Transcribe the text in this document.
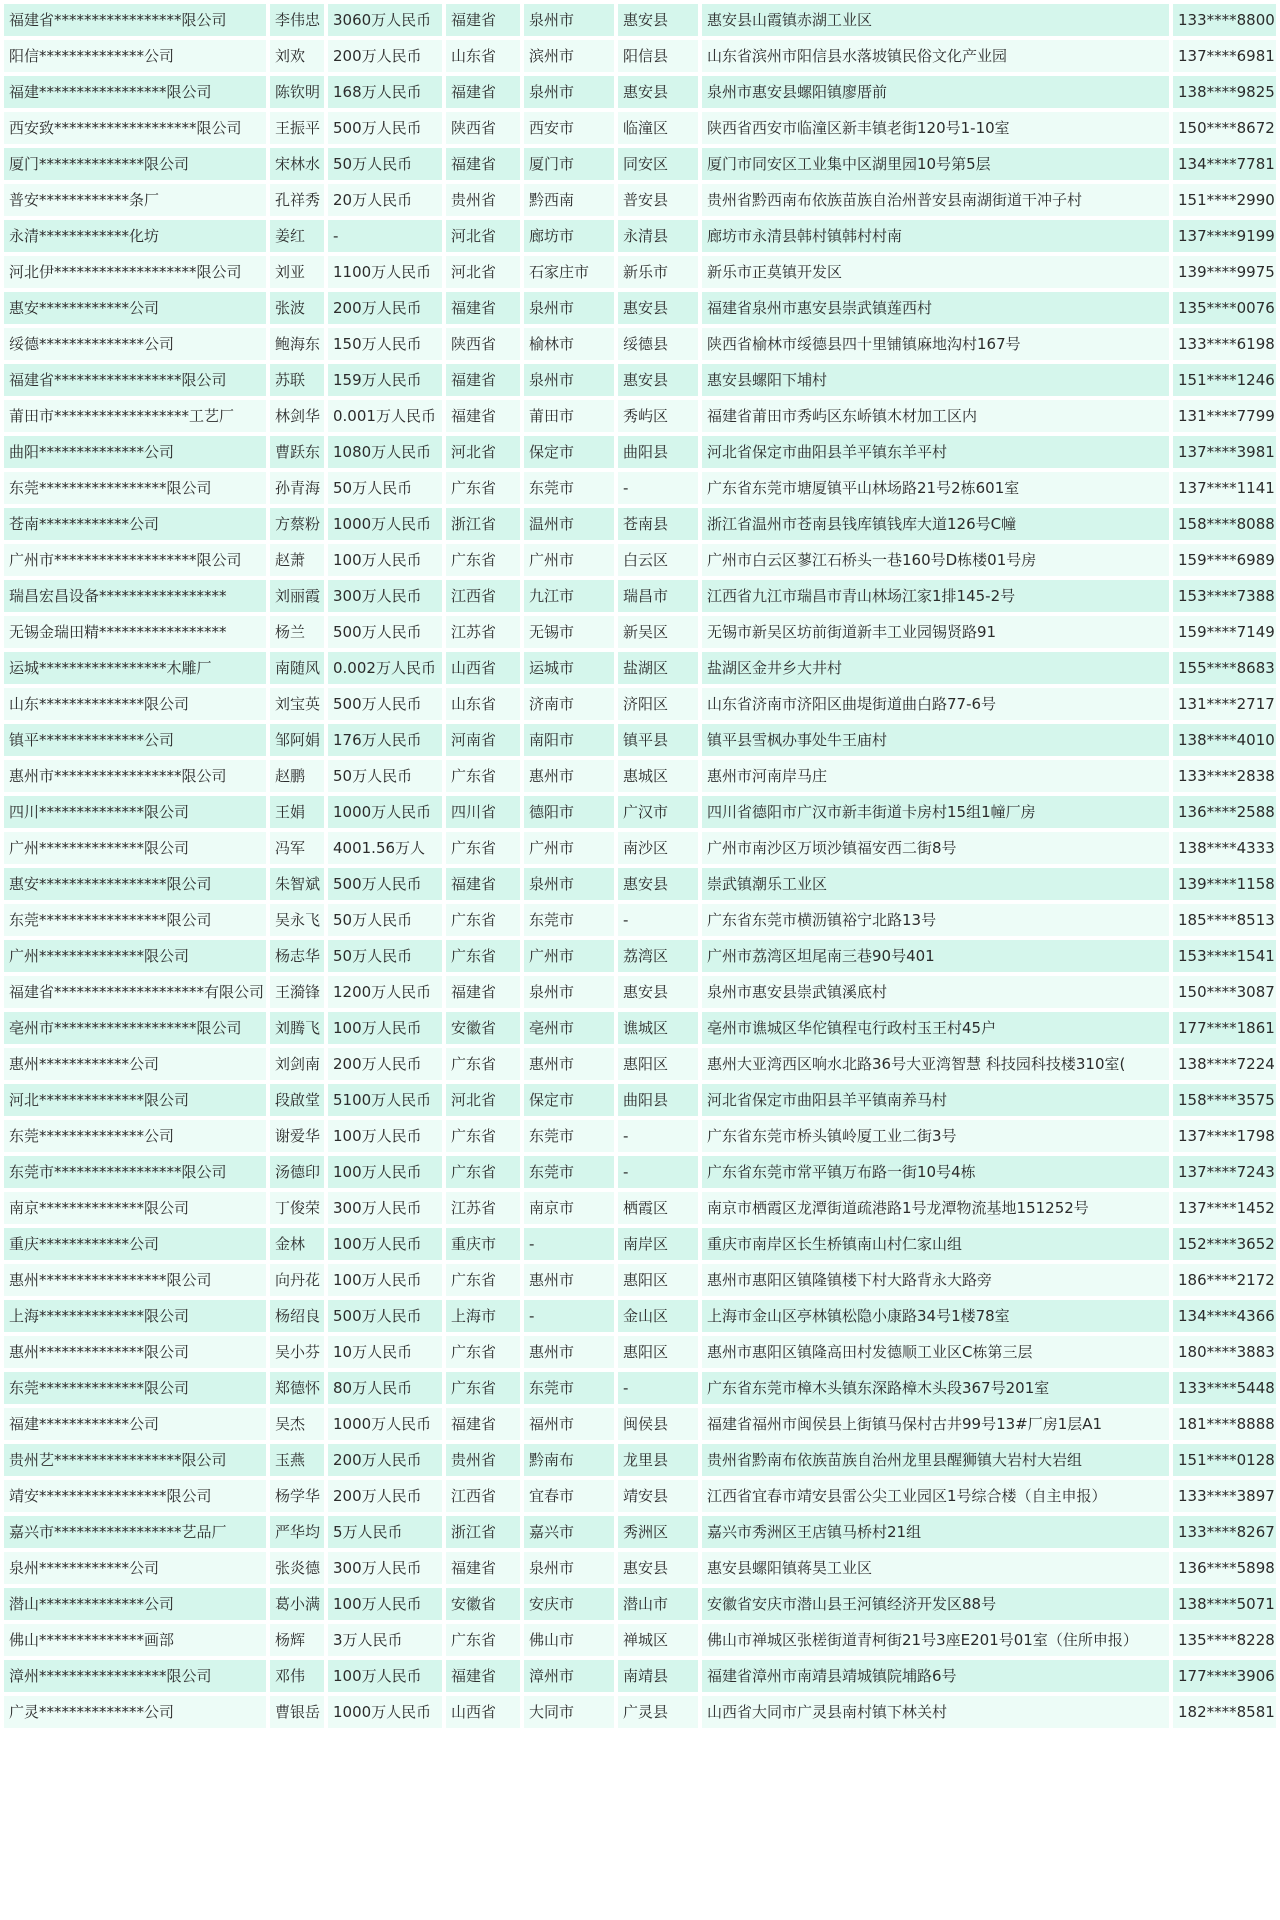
福建省*****************限公司	李伟忠	3060万人民币	福建省	泉州市	惠安县	惠安县山霞镇赤湖工业区	133****8800
阳信**************公司	刘欢	200万人民币	山东省	滨州市	阳信县	山东省滨州市阳信县水落坡镇民俗文化产业园	137****6981
福建*****************限公司	陈钦明	168万人民币	福建省	泉州市	惠安县	泉州市惠安县螺阳镇廖厝前	138****9825
西安致*******************限公司	王振平	500万人民币	陕西省	西安市	临潼区	陕西省西安市临潼区新丰镇老街120号1-10室	150****8672
厦门**************限公司	宋林水	50万人民币	福建省	厦门市	同安区	厦门市同安区工业集中区湖里园10号第5层	134****7781
普安************条厂	孔祥秀	20万人民币	贵州省	黔西南	普安县	贵州省黔西南布依族苗族自治州普安县南湖街道干冲子村	151****2990
永清************化坊	姜红	-	河北省	廊坊市	永清县	廊坊市永清县韩村镇韩村村南	137****9199
河北伊*******************限公司	刘亚	1100万人民币	河北省	石家庄市	新乐市	新乐市正莫镇开发区	139****9975
惠安************公司	张波	200万人民币	福建省	泉州市	惠安县	福建省泉州市惠安县崇武镇莲西村	135****0076
绥德**************公司	鲍海东	150万人民币	陕西省	榆林市	绥德县	陕西省榆林市绥德县四十里铺镇麻地沟村167号	133****6198
福建省*****************限公司	苏联	159万人民币	福建省	泉州市	惠安县	惠安县螺阳下埔村	151****1246
莆田市******************工艺厂	林剑华	0.001万人民币	福建省	莆田市	秀屿区	福建省莆田市秀屿区东峤镇木材加工区内	131****7799
曲阳**************公司	曹跃东	1080万人民币	河北省	保定市	曲阳县	河北省保定市曲阳县羊平镇东羊平村	137****3981
东莞*****************限公司	孙青海	50万人民币	广东省	东莞市	-	广东省东莞市塘厦镇平山林场路21号2栋601室	137****1141
苍南************公司	方蔡粉	1000万人民币	浙江省	温州市	苍南县	浙江省温州市苍南县钱库镇钱库大道126号C幢	158****8088
广州市*******************限公司	赵萧	100万人民币	广东省	广州市	白云区	广州市白云区蓼江石桥头一巷160号D栋楼01号房	159****6989
瑞昌宏昌设备*****************	刘丽霞	300万人民币	江西省	九江市	瑞昌市	江西省九江市瑞昌市青山林场江家1排145-2号	153****7388
无锡金瑞田精*****************	杨兰	500万人民币	江苏省	无锡市	新吴区	无锡市新吴区坊前街道新丰工业园锡贤路91	159****7149
运城*****************木雕厂	南随风	0.002万人民币	山西省	运城市	盐湖区	盐湖区金井乡大井村	155****8683
山东**************限公司	刘宝英	500万人民币	山东省	济南市	济阳区	山东省济南市济阳区曲堤街道曲白路77-6号	131****2717
镇平**************公司	邹阿娟	176万人民币	河南省	南阳市	镇平县	镇平县雪枫办事处牛王庙村	138****4010
惠州市*****************限公司	赵鹏	50万人民币	广东省	惠州市	惠城区	惠州市河南岸马庄	133****2838
四川**************限公司	王娟	1000万人民币	四川省	德阳市	广汉市	四川省德阳市广汉市新丰街道卡房村15组1幢厂房	136****2588
广州**************限公司	冯军	4001.56万人	广东省	广州市	南沙区	广州市南沙区万顷沙镇福安西二街8号	138****4333
惠安*****************限公司	朱智斌	500万人民币	福建省	泉州市	惠安县	崇武镇潮乐工业区	139****1158
东莞*****************限公司	吴永飞	50万人民币	广东省	东莞市	-	广东省东莞市横沥镇裕宁北路13号	185****8513
广州**************限公司	杨志华	50万人民币	广东省	广州市	荔湾区	广州市荔湾区坦尾南三巷90号401	153****1541
福建省********************有限公司	王漪锋	1200万人民币	福建省	泉州市	惠安县	泉州市惠安县崇武镇溪底村	150****3087
亳州市*******************限公司	刘腾飞	100万人民币	安徽省	亳州市	谯城区	亳州市谯城区华佗镇程屯行政村玉王村45户	177****1861
惠州************公司	刘剑南	200万人民币	广东省	惠州市	惠阳区	惠州大亚湾西区响水北路36号大亚湾智慧 科技园科技楼310室(	138****7224
河北**************限公司	段啟堂	5100万人民币	河北省	保定市	曲阳县	河北省保定市曲阳县羊平镇南养马村	158****3575
东莞**************公司	谢爱华	100万人民币	广东省	东莞市	-	广东省东莞市桥头镇岭厦工业二街3号	137****1798
东莞市*****************限公司	汤德印	100万人民币	广东省	东莞市	-	广东省东莞市常平镇万布路一街10号4栋	137****7243
南京**************限公司	丁俊荣	300万人民币	江苏省	南京市	栖霞区	南京市栖霞区龙潭街道疏港路1号龙潭物流基地151252号	137****1452
重庆************公司	金林	100万人民币	重庆市	-	南岸区	重庆市南岸区长生桥镇南山村仁家山组	152****3652
惠州*****************限公司	向丹花	100万人民币	广东省	惠州市	惠阳区	惠州市惠阳区镇隆镇楼下村大路背永大路旁	186****2172
上海**************限公司	杨绍良	500万人民币	上海市	-	金山区	上海市金山区亭林镇松隐小康路34号1楼78室	134****4366
惠州**************限公司	吴小芬	10万人民币	广东省	惠州市	惠阳区	惠州市惠阳区镇隆高田村发德顺工业区C栋第三层	180****3883
东莞**************限公司	郑德怀	80万人民币	广东省	东莞市	-	广东省东莞市樟木头镇东深路樟木头段367号201室	133****5448
福建************公司	吴杰	1000万人民币	福建省	福州市	闽侯县	福建省福州市闽侯县上街镇马保村古井99号13#厂房1层A1	181****8888
贵州艺*****************限公司	玉燕	200万人民币	贵州省	黔南布	龙里县	贵州省黔南布依族苗族自治州龙里县醒狮镇大岩村大岩组	151****0128
靖安*****************限公司	杨学华	200万人民币	江西省	宜春市	靖安县	江西省宜春市靖安县雷公尖工业园区1号综合楼（自主申报）	133****3897
嘉兴市*****************艺品厂	严华均	5万人民币	浙江省	嘉兴市	秀洲区	嘉兴市秀洲区王店镇马桥村21组	133****8267
泉州************公司	张炎德	300万人民币	福建省	泉州市	惠安县	惠安县螺阳镇蒋昊工业区	136****5898
潜山**************公司	葛小满	100万人民币	安徽省	安庆市	潜山市	安徽省安庆市潜山县王河镇经济开发区88号	138****5071
佛山**************画部	杨辉	3万人民币	广东省	佛山市	禅城区	佛山市禅城区张槎街道青柯街21号3座E201号01室（住所申报）	135****8228
漳州*****************限公司	邓伟	100万人民币	福建省	漳州市	南靖县	福建省漳州市南靖县靖城镇院埔路6号	177****3906
广灵**************公司	曹银岳	1000万人民币	山西省	大同市	广灵县	山西省大同市广灵县南村镇下林关村	182****8581
